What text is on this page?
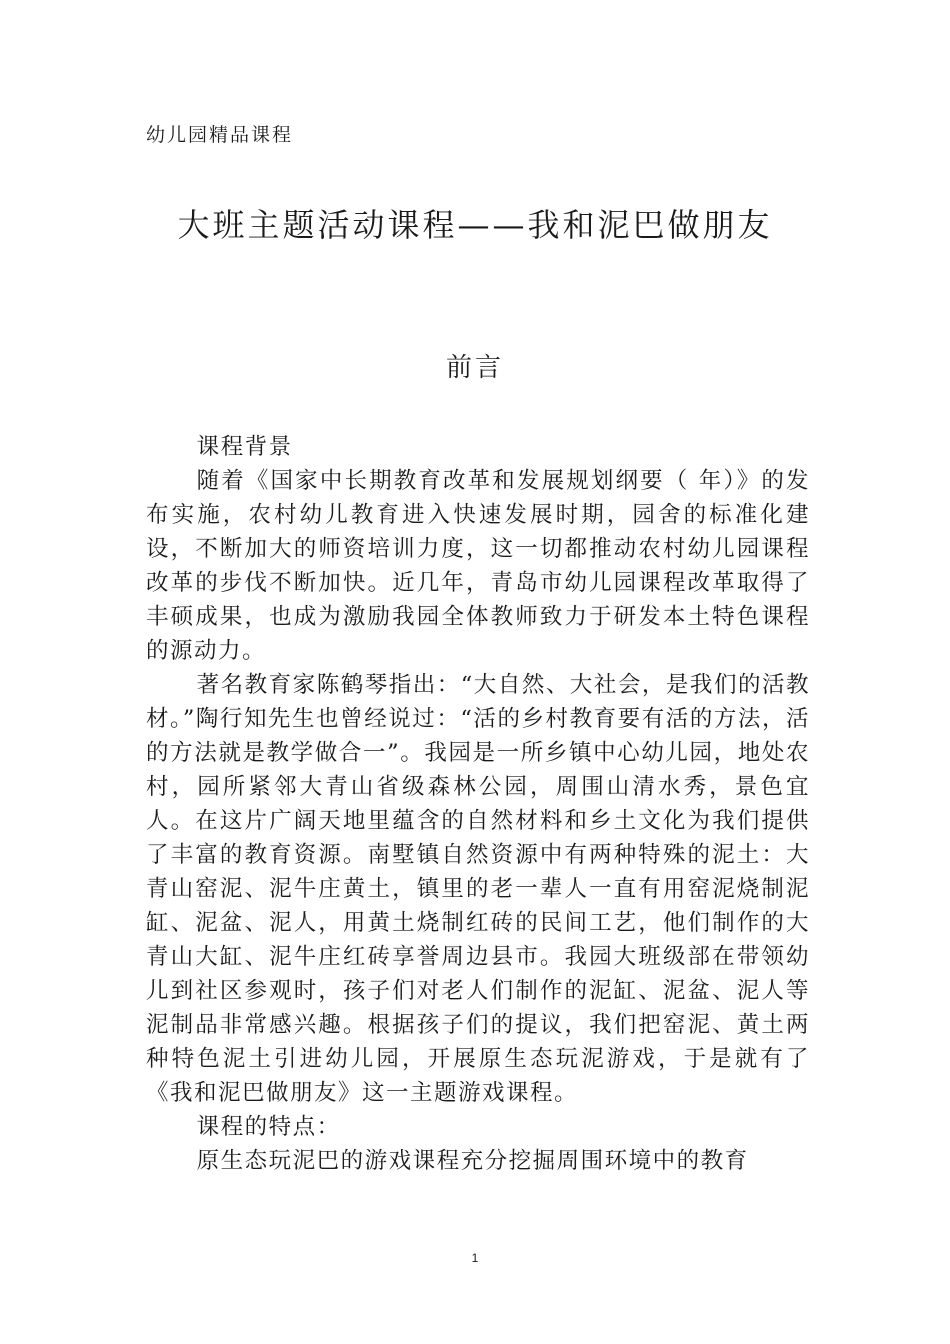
幼儿园精品课程
大班主题活动课程——我和泥巴做朋友
前言

课程背景

随着《国家中长期教育改革和发展规划纲要（ 年）》的发布实施，农村幼儿教育进入快速发展时期，园舍的标准化建设，不断加大的师资培训力度，这一切都推动农村幼儿园课程改革的步伐不断加快。近几年，青岛市幼儿园课程改革取得了丰硕成果，也成为激励我园全体教师致力于研发本土特色课程的源动力。

著名教育家陈鹤琴指出：“大自然、大社会，是我们的活教材。”陶行知先生也曾经说过：“活的乡村教育要有活的方法，活的方法就是教学做合一”。我园是一所乡镇中心幼儿园，地处农村，园所紧邻大青山省级森林公园，周围山清水秀，景色宜人。在这片广阔天地里蕴含的自然材料和乡土文化为我们提供了丰富的教育资源。南墅镇自然资源中有两种特殊的泥土：大青山窑泥、泥牛庄黄土，镇里的老一辈人一直有用窑泥烧制泥缸、泥盆、泥人，用黄土烧制红砖的民间工艺，他们制作的大青山大缸、泥牛庄红砖享誉周边县市。我园大班级部在带领幼儿到社区参观时，孩子们对老人们制作的泥缸、泥盆、泥人等泥制品非常感兴趣。根据孩子们的提议，我们把窑泥、黄土两种特色泥土引进幼儿园，开展原生态玩泥游戏，于是就有了《我和泥巴做朋友》这一主题游戏课程。

课程的特点：

原生态玩泥巴的游戏课程充分挖掘周围环境中的教育

1
